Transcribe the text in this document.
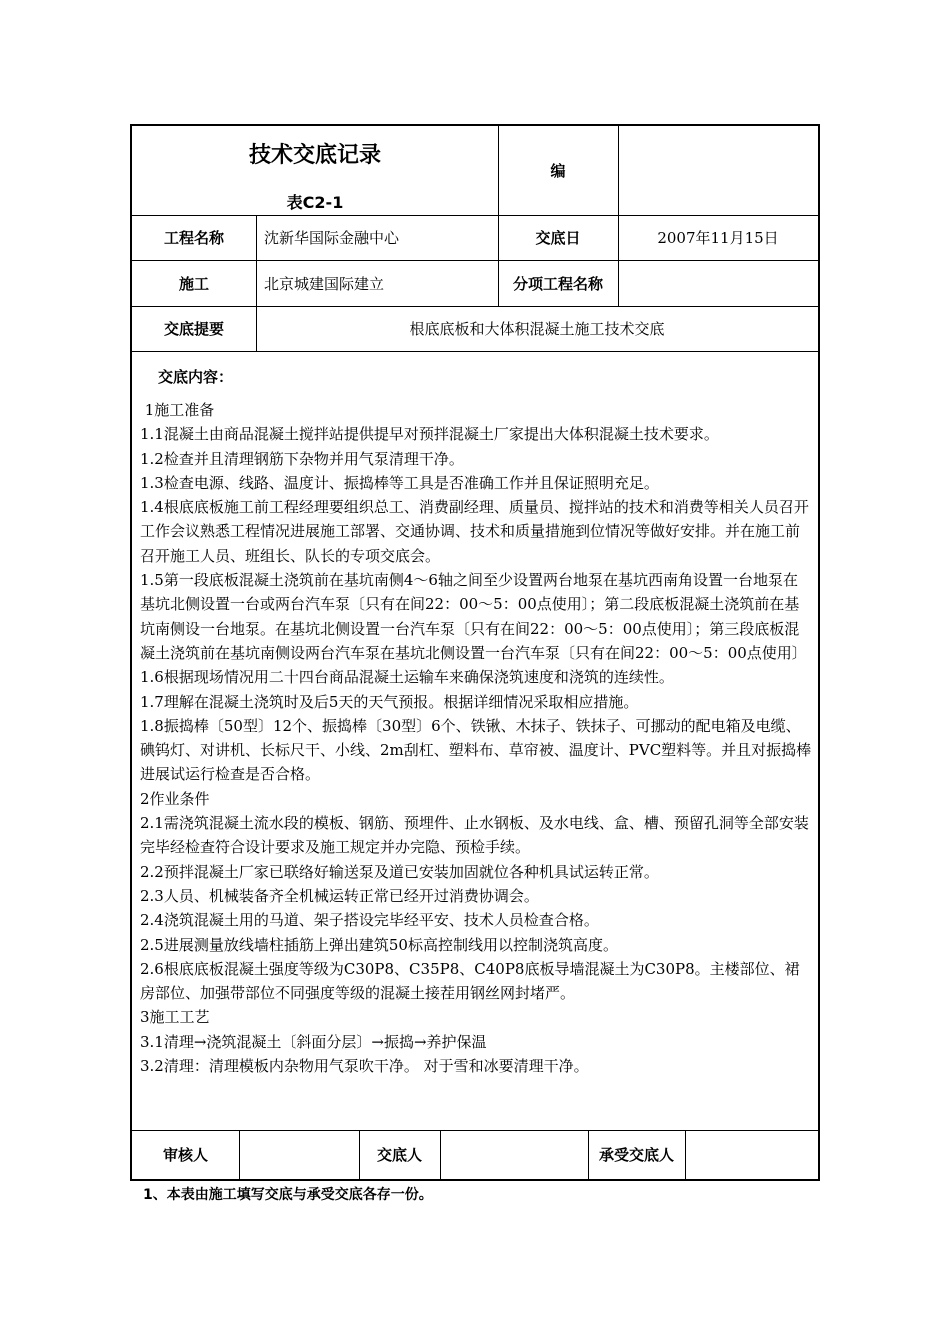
技术交底记录
表C2-1
编
工程名称	沈新华国际金融中心	交底日	2007年11月15日
施工	北京城建国际建立	分项工程名称
交底提要	根底底板和大体积混凝土施工技术交底
交底内容：

1施工准备

1.1混凝土由商品混凝土搅拌站提供提早对预拌混凝土厂家提出大体积混凝土技术要求。

1.2检查并且清理钢筋下杂物并用气泵清理干净。

1.3检查电源、线路、温度计、振捣棒等工具是否准确工作并且保证照明充足。

1.4根底底板施工前工程经理要组织总工、消费副经理、质量员、搅拌站的技术和消费等相关人员召开工作会议熟悉工程情况进展施工部署、交通协调、技术和质量措施到位情况等做好安排。并在施工前召开施工人员、班组长、队长的专项交底会。

1.5第一段底板混凝土浇筑前在基坑南侧4～6轴之间至少设置两台地泵在基坑西南角设置一台地泵在基坑北侧设置一台或两台汽车泵〔只有在间22：00～5：00点使用〕；第二段底板混凝土浇筑前在基坑南侧设一台地泵。在基坑北侧设置一台汽车泵〔只有在间22：00～5：00点使用〕；第三段底板混凝土浇筑前在基坑南侧设两台汽车泵在基坑北侧设置一台汽车泵〔只有在间22：00～5：00点使用〕

1.6根据现场情况用二十四台商品混凝土运输车来确保浇筑速度和浇筑的连续性。

1.7理解在混凝土浇筑时及后5天的天气预报。根据详细情况采取相应措施。

1.8振捣棒〔50型〕12个、振捣棒〔30型〕6个、铁锹、木抹子、铁抹子、可挪动的配电箱及电缆、碘钨灯、对讲机、长标尺干、小线、2m刮杠、塑料布、草帘被、温度计、PVC塑料等。并且对振捣棒进展试运行检查是否合格。

2作业条件

2.1需浇筑混凝土流水段的模板、钢筋、预埋件、止水钢板、及水电线、盒、槽、预留孔洞等全部安装完毕经检查符合设计要求及施工规定并办完隐、预检手续。

2.2预拌混凝土厂家已联络好输送泵及道已安装加固就位各种机具试运转正常。

2.3人员、机械装备齐全机械运转正常已经开过消费协调会。

2.4浇筑混凝土用的马道、架子搭设完毕经平安、技术人员检查合格。

2.5进展测量放线墙柱插筋上弹出建筑50标高控制线用以控制浇筑高度。

2.6根底底板混凝土强度等级为C30P8、C35P8、C40P8底板导墙混凝土为C30P8。主楼部位、裙房部位、加强带部位不同强度等级的混凝土接茬用钢丝网封堵严。

3施工工艺

3.1清理→浇筑混凝土〔斜面分层〕→振捣→养护保温

3.2清理：清理模板内杂物用气泵吹干净。 对于雪和冰要清理干净。

审核人	交底人	承受交底人
1、本表由施工填写交底与承受交底各存一份。
